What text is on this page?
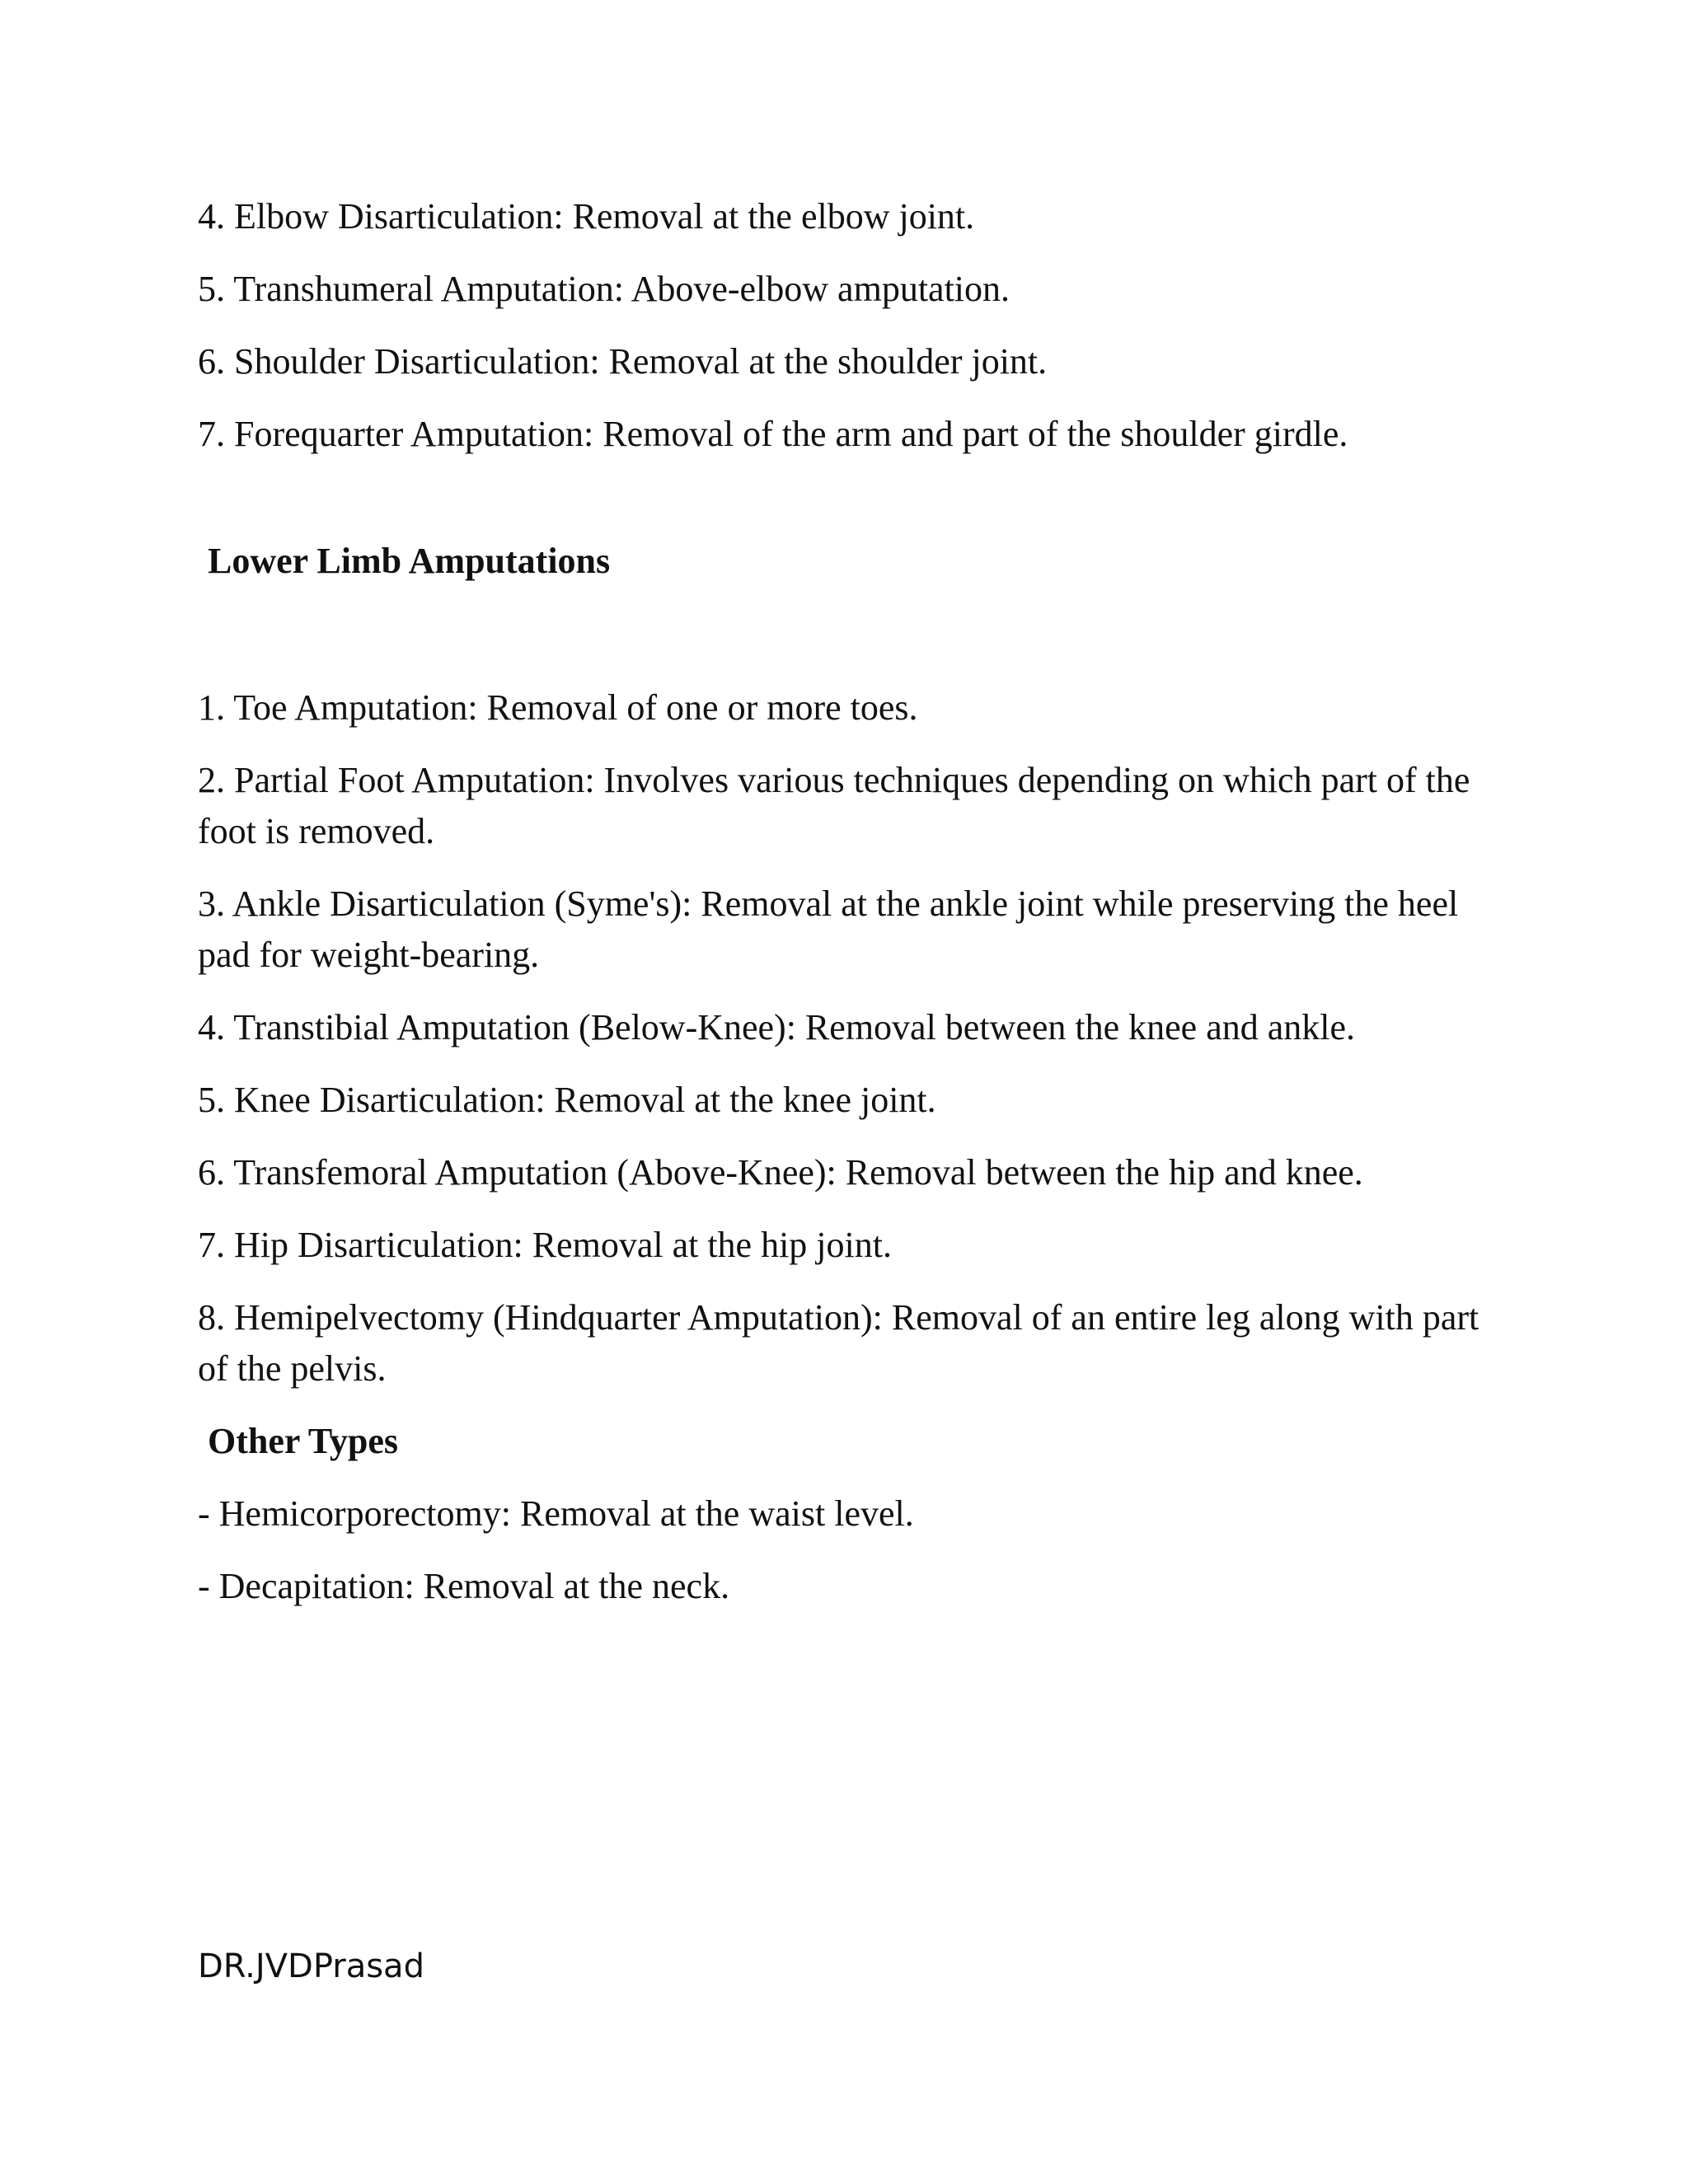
4. Elbow Disarticulation: Removal at the elbow joint.

5. Transhumeral Amputation: Above-elbow amputation.

6. Shoulder Disarticulation: Removal at the shoulder joint.

7. Forequarter Amputation: Removal of the arm and part of the shoulder girdle.

Lower Limb Amputations

1. Toe Amputation: Removal of one or more toes.

2. Partial Foot Amputation: Involves various techniques depending on which part of the foot is removed.

3. Ankle Disarticulation (Syme's): Removal at the ankle joint while preserving the heel pad for weight-bearing.

4. Transtibial Amputation (Below-Knee): Removal between the knee and ankle.

5. Knee Disarticulation: Removal at the knee joint.

6. Transfemoral Amputation (Above-Knee): Removal between the hip and knee.

7. Hip Disarticulation: Removal at the hip joint.

8. Hemipelvectomy (Hindquarter Amputation): Removal of an entire leg along with part of the pelvis.

Other Types

- Hemicorporectomy: Removal at the waist level.

- Decapitation: Removal at the neck.

DR.JVDPrasad
